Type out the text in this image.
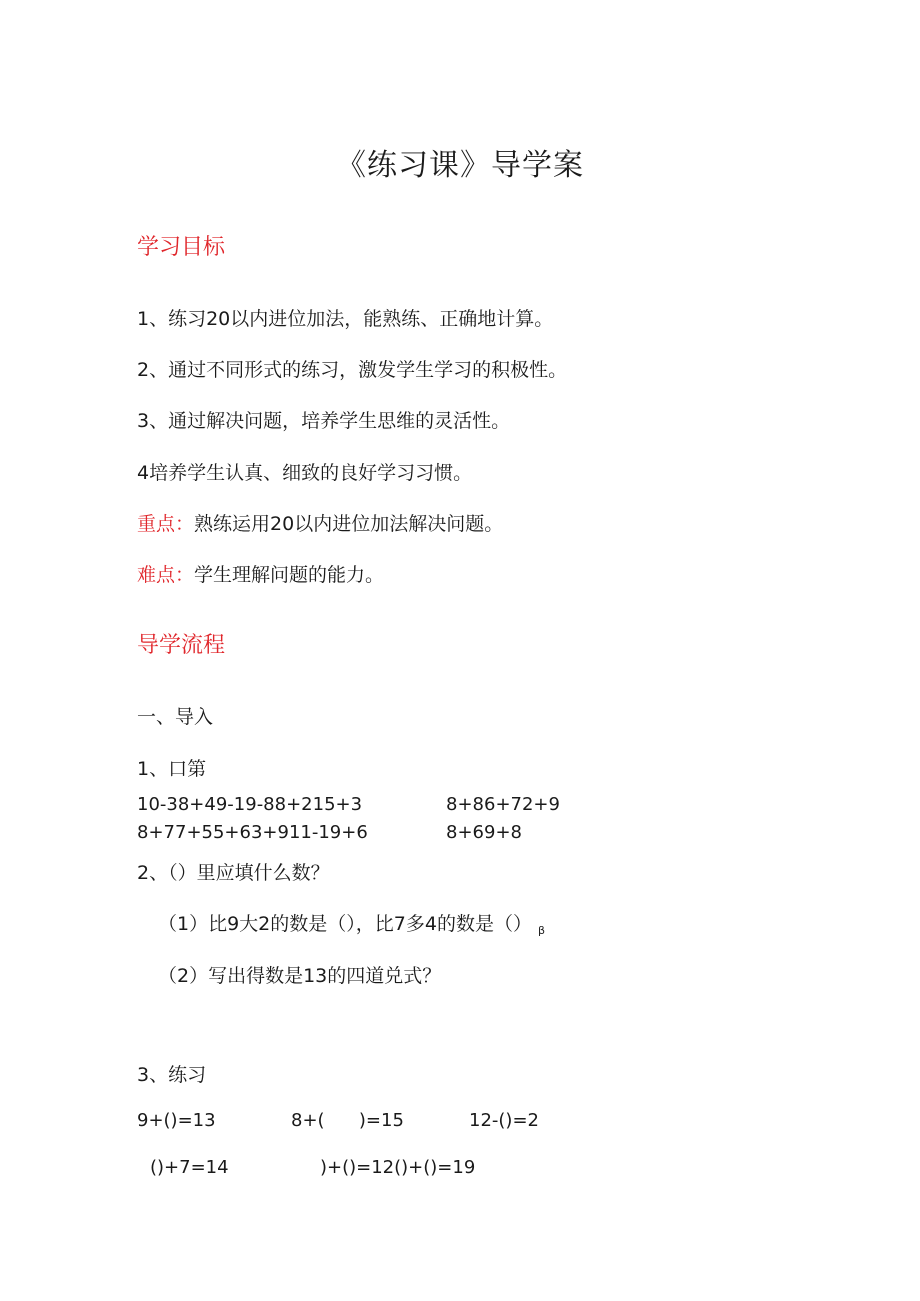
《练习课》导学案
学习目标
1、练习20以内进位加法，能熟练、正确地计算。
2、通过不同形式的练习，激发学生学习的积极性。
3、通过解决问题，培养学生思维的灵活性。
4培养学生认真、细致的良好学习习惯。
重点：熟练运用20以内进位加法解决问题。
难点：学生理解问题的能力。
导学流程
一、导入
1、口第
10-38+49-19-88+215+3	8+86+72+9
8+77+55+63+911-19+6	8+69+8
2、（）里应填什么数？
（1）比9大2的数是（），比7多4的数是（） $_\beta$
（2）写出得数是13的四道兑式？
3、练习
9+()=13	8+(      )=15	12-()=2
()+7=14	)+()=12()+()=19
